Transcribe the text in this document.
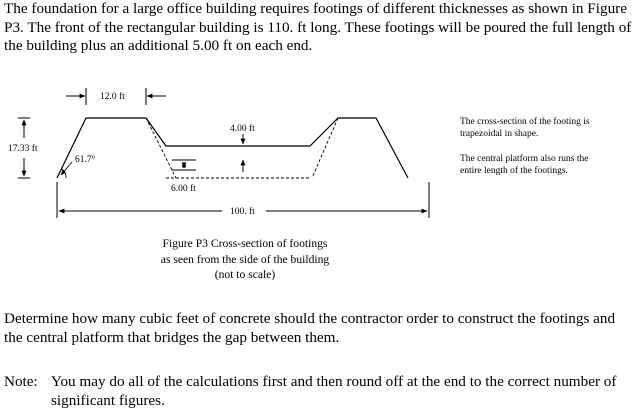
The foundation for a large office building requires footings of different thicknesses as shown in Figure P3. The front of the rectangular building is 110. ft long. These footings will be poured the full length of the building plus an additional 5.00 ft on each end.

12.0 ft
17.33 ft
61.7°
4.00 ft
6.00 ft
100. ft
Figure P3 Cross-section of footings
as seen from the side of the building
(not to scale)
The cross-section of the footing is trapezoidal in shape.
The central platform also runs the entire length of the footings.

Determine how many cubic feet of concrete should the contractor order to construct the footings and the central platform that bridges the gap between them.

Note: You may do all of the calculations first and then round off at the end to the correct number of significant figures.
